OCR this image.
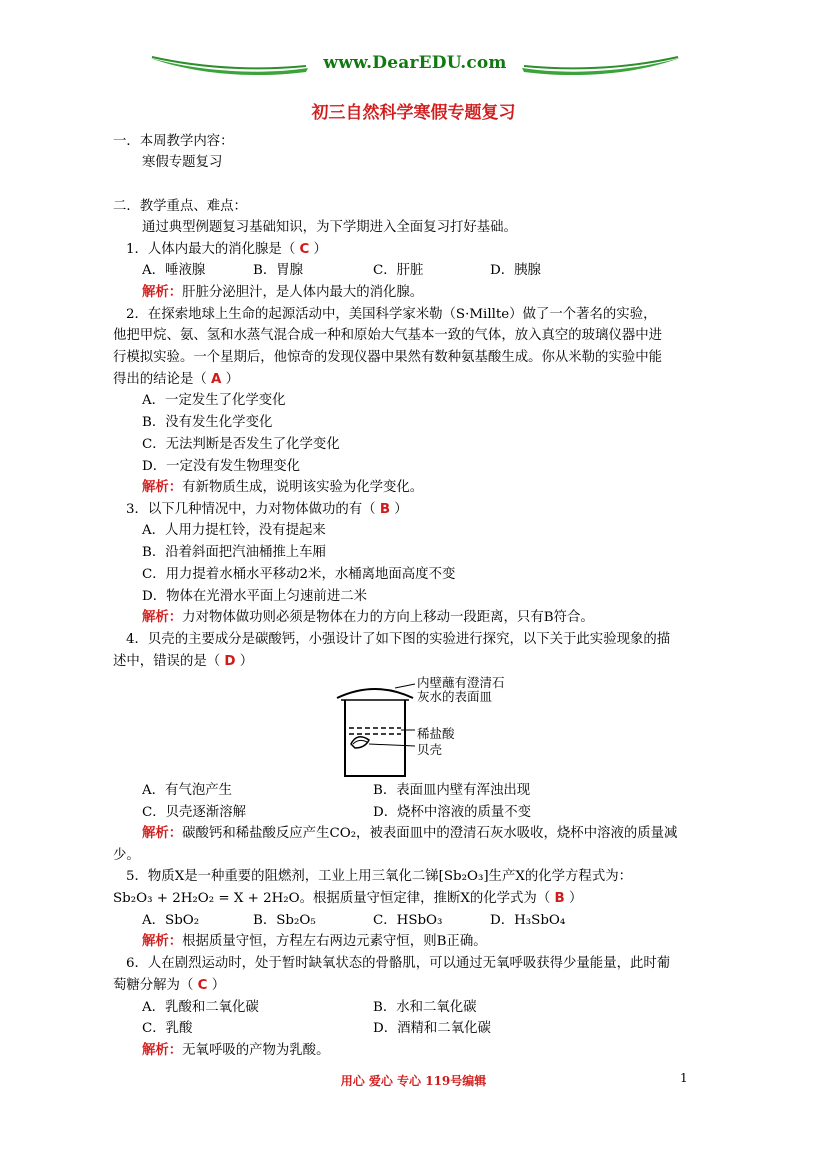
www.DearEDU.com
初三自然科学寒假专题复习
一．本周教学内容：
寒假专题复习
二．教学重点、难点：
通过典型例题复习基础知识，为下学期进入全面复习打好基础。
1．人体内最大的消化腺是（ C ）
A．唾液腺	B．胃腺	C．肝脏	D．胰腺
解析：肝脏分泌胆汁，是人体内最大的消化腺。
2．在探索地球上生命的起源活动中，美国科学家米勒（S·Millte）做了一个著名的实验，
他把甲烷、氨、氢和水蒸气混合成一种和原始大气基本一致的气体，放入真空的玻璃仪器中进
行模拟实验。一个星期后，他惊奇的发现仪器中果然有数种氨基酸生成。你从米勒的实验中能
得出的结论是（ A ）
A．一定发生了化学变化
B．没有发生化学变化
C．无法判断是否发生了化学变化
D．一定没有发生物理变化
解析：有新物质生成，说明该实验为化学变化。
3．以下几种情况中，力对物体做功的有（ B ）
A．人用力提杠铃，没有提起来
B．沿着斜面把汽油桶推上车厢
C．用力提着水桶水平移动2米，水桶离地面高度不变
D．物体在光滑水平面上匀速前进二米
解析：力对物体做功则必须是物体在力的方向上移动一段距离，只有B符合。
4．贝壳的主要成分是碳酸钙，小强设计了如下图的实验进行探究，以下关于此实验现象的描
述中，错误的是（ D ）
内壁蘸有澄清石
灰水的表面皿
稀盐酸
贝壳
A．有气泡产生	B．表面皿内壁有浑浊出现
C．贝壳逐渐溶解	D．烧杯中溶液的质量不变
解析：碳酸钙和稀盐酸反应产生CO₂，被表面皿中的澄清石灰水吸收，烧杯中溶液的质量减
少。
5．物质X是一种重要的阻燃剂，工业上用三氧化二锑[Sb₂O₃]生产X的化学方程式为：
Sb₂O₃ + 2H₂O₂ = X + 2H₂O。根据质量守恒定律，推断X的化学式为（ B ）
A．SbO₂	B．Sb₂O₅	C．HSbO₃	D．H₃SbO₄
解析：根据质量守恒，方程左右两边元素守恒，则B正确。
6．人在剧烈运动时，处于暂时缺氧状态的骨骼肌，可以通过无氧呼吸获得少量能量，此时葡
萄糖分解为（ C ）
A．乳酸和二氧化碳	B．水和二氧化碳
C．乳酸	D．酒精和二氧化碳
解析：无氧呼吸的产物为乳酸。
用心 爱心 专心 119号编辑	1
